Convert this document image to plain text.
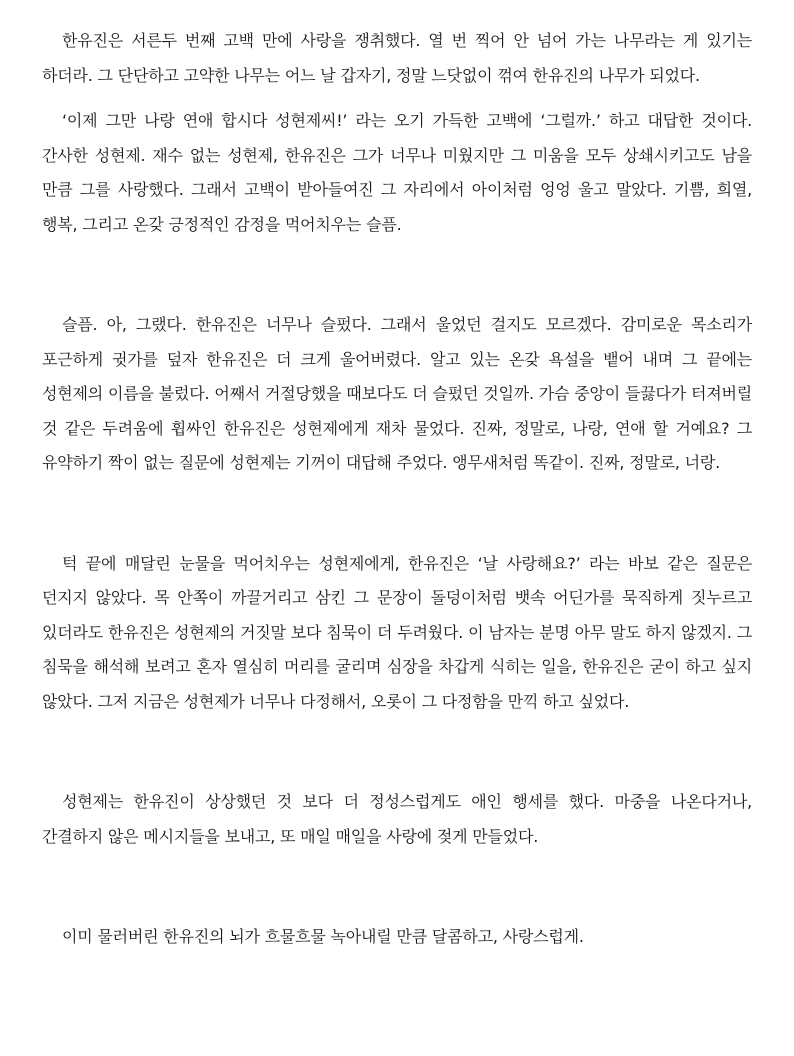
한유진은 서른두 번째 고백 만에 사랑을 쟁취했다. 열 번 찍어 안 넘어 가는 나무라는 게 있기는 하더라. 그 단단하고 고약한 나무는 어느 날 갑자기, 정말 느닷없이 꺾여 한유진의 나무가 되었다.

‘이제 그만 나랑 연애 합시다 성현제씨!’ 라는 오기 가득한 고백에 ‘그럴까.’ 하고 대답한 것이다. 간사한 성현제. 재수 없는 성현제, 한유진은 그가 너무나 미웠지만 그 미움을 모두 상쇄시키고도 남을 만큼 그를 사랑했다. 그래서 고백이 받아들여진 그 자리에서 아이처럼 엉엉 울고 말았다. 기쁨, 희열, 행복, 그리고 온갖 긍정적인 감정을 먹어치우는 슬픔.

슬픔. 아, 그랬다. 한유진은 너무나 슬펐다. 그래서 울었던 걸지도 모르겠다. 감미로운 목소리가 포근하게 귓가를 덮자 한유진은 더 크게 울어버렸다. 알고 있는 온갖 욕설을 뱉어 내며 그 끝에는 성현제의 이름을 불렀다. 어째서 거절당했을 때보다도 더 슬펐던 것일까. 가슴 중앙이 들끓다가 터져버릴 것 같은 두려움에 휩싸인 한유진은 성현제에게 재차 물었다. 진짜, 정말로, 나랑, 연애 할 거예요? 그 유약하기 짝이 없는 질문에 성현제는 기꺼이 대답해 주었다. 앵무새처럼 똑같이. 진짜, 정말로, 너랑.

턱 끝에 매달린 눈물을 먹어치우는 성현제에게, 한유진은 ‘날 사랑해요?’ 라는 바보 같은 질문은 던지지 않았다. 목 안쪽이 까끌거리고 삼킨 그 문장이 돌덩이처럼 뱃속 어딘가를 묵직하게 짓누르고 있더라도 한유진은 성현제의 거짓말 보다 침묵이 더 두려웠다. 이 남자는 분명 아무 말도 하지 않겠지. 그 침묵을 해석해 보려고 혼자 열심히 머리를 굴리며 심장을 차갑게 식히는 일을, 한유진은 굳이 하고 싶지 않았다. 그저 지금은 성현제가 너무나 다정해서, 오롯이 그 다정함을 만끽 하고 싶었다.

성현제는 한유진이 상상했던 것 보다 더 정성스럽게도 애인 행세를 했다. 마중을 나온다거나, 간결하지 않은 메시지들을 보내고, 또 매일 매일을 사랑에 젖게 만들었다.

이미 물러버린 한유진의 뇌가 흐물흐물 녹아내릴 만큼 달콤하고, 사랑스럽게.
